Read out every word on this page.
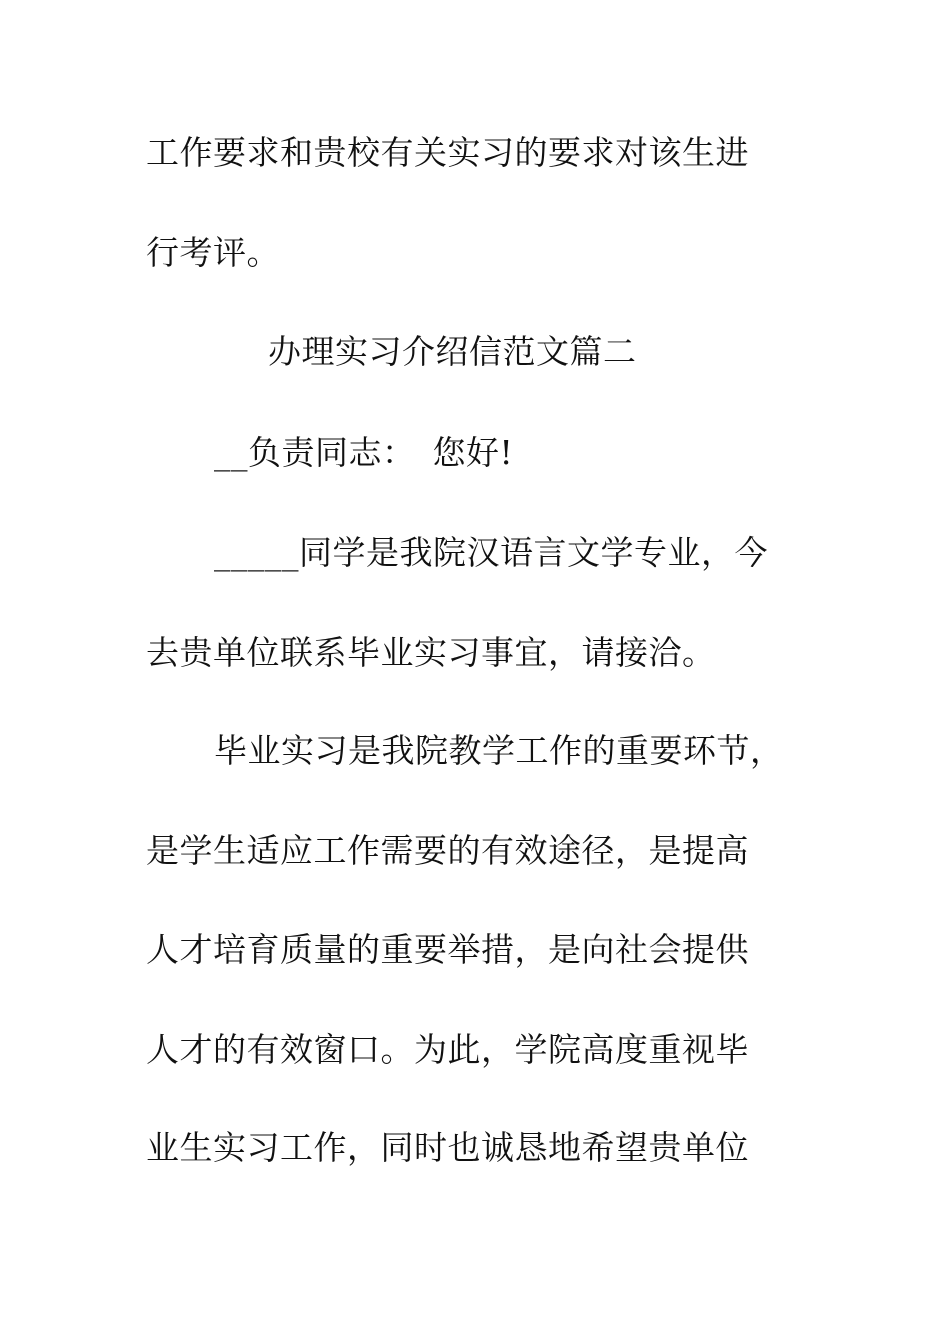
工作要求和贵校有关实习的要求对该生进
行考评。
办理实习介绍信范文篇二
__负责同志：　您好!
_____同学是我院汉语言文学专业，今
去贵单位联系毕业实习事宜，请接洽。
毕业实习是我院教学工作的重要环节，
是学生适应工作需要的有效途径，是提高
人才培育质量的重要举措，是向社会提供
人才的有效窗口。为此，学院高度重视毕
业生实习工作，同时也诚恳地希望贵单位
